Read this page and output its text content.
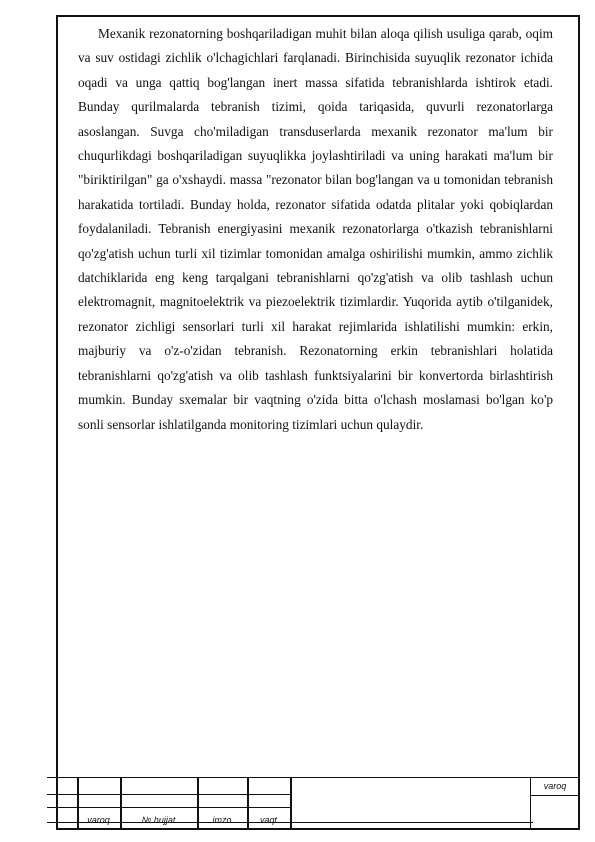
Mexanik rezonatorning boshqariladigan muhit bilan aloqa qilish usuliga qarab, oqim va suv ostidagi zichlik o'lchagichlari farqlanadi. Birinchisida suyuqlik rezonator ichida oqadi va unga qattiq bog'langan inert massa sifatida tebranishlarda ishtirok etadi. Bunday qurilmalarda tebranish tizimi, qoida tariqasida, quvurli rezonatorlarga asoslangan. Suvga cho'miladigan transduserlarda mexanik rezonator ma'lum bir chuqurlikdagi boshqariladigan suyuqlikka joylashtiriladi va uning harakati ma'lum bir "biriktirilgan" ga o'xshaydi. massa "rezonator bilan bog'langan va u tomonidan tebranish harakatida tortiladi. Bunday holda, rezonator sifatida odatda plitalar yoki qobiqlardan foydalaniladi. Tebranish energiyasini mexanik rezonatorlarga o'tkazish tebranishlarni qo'zg'atish uchun turli xil tizimlar tomonidan amalga oshirilishi mumkin, ammo zichlik datchiklarida eng keng tarqalgani tebranishlarni qo'zg'atish va olib tashlash uchun elektromagnit, magnitoelektrik va piezoelektrik tizimlardir. Yuqorida aytib o'tilganidek, rezonator zichligi sensorlari turli xil harakat rejimlarida ishlatilishi mumkin: erkin, majburiy va o'z-o'zidan tebranish. Rezonatorning erkin tebranishlari holatida tebranishlarni qo'zg'atish va olib tashlash funktsiyalarini bir konvertorda birlashtirish mumkin. Bunday sxemalar bir vaqtning o'zida bitta o'lchash moslamasi bo'lgan ko'p sonli sensorlar ishlatilganda monitoring tizimlari uchun qulaydir.

varoq	№ hujjat	imzo	vaqt
varoq
